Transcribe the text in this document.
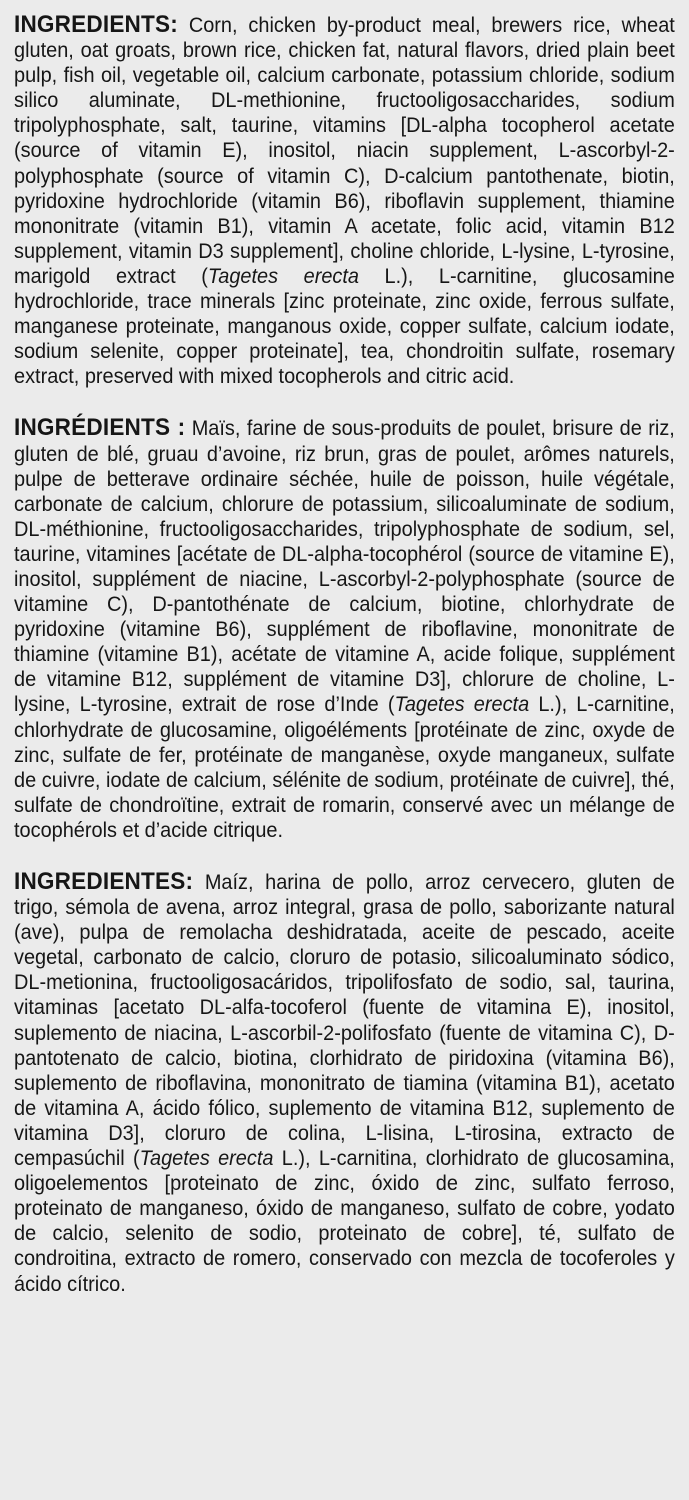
INGREDIENTS: Corn, chicken by-product meal, brewers rice, wheat gluten, oat groats, brown rice, chicken fat, natural flavors, dried plain beet pulp, fish oil, vegetable oil, calcium carbonate, potassium chloride, sodium silico aluminate, DL-methionine, fructooligosaccharides, sodium tripolyphosphate, salt, taurine, vitamins [DL-alpha tocopherol acetate (source of vitamin E), inositol, niacin supplement, L-ascorbyl-2-polyphosphate (source of vitamin C), D-calcium pantothenate, biotin, pyridoxine hydrochloride (vitamin B6), riboflavin supplement, thiamine mononitrate (vitamin B1), vitamin A acetate, folic acid, vitamin B12 supplement, vitamin D3 supplement], choline chloride, L-lysine, L-tyrosine, marigold extract (Tagetes erecta L.), L-carnitine, glucosamine hydrochloride, trace minerals [zinc proteinate, zinc oxide, ferrous sulfate, manganese proteinate, manganous oxide, copper sulfate, calcium iodate, sodium selenite, copper proteinate], tea, chondroitin sulfate, rosemary extract, preserved with mixed tocopherols and citric acid.

INGRÉDIENTS : Maïs, farine de sous-produits de poulet, brisure de riz, gluten de blé, gruau d’avoine, riz brun, gras de poulet, arômes naturels, pulpe de betterave ordinaire séchée, huile de poisson, huile végétale, carbonate de calcium, chlorure de potassium, silicoaluminate de sodium, DL-méthionine, fructooligosaccharides, tripolyphosphate de sodium, sel, taurine, vitamines [acétate de DL-alpha-tocophérol (source de vitamine E), inositol, supplément de niacine, L-ascorbyl-2-polyphosphate (source de vitamine C), D-pantothénate de calcium, biotine, chlorhydrate de pyridoxine (vitamine B6), supplément de riboflavine, mononitrate de thiamine (vitamine B1), acétate de vitamine A, acide folique, supplément de vitamine B12, supplément de vitamine D3], chlorure de choline, L-lysine, L-tyrosine, extrait de rose d’Inde (Tagetes erecta L.), L-carnitine, chlorhydrate de glucosamine, oligoéléments [protéinate de zinc, oxyde de zinc, sulfate de fer, protéinate de manganèse, oxyde manganeux, sulfate de cuivre, iodate de calcium, sélénite de sodium, protéinate de cuivre], thé, sulfate de chondroïtine, extrait de romarin, conservé avec un mélange de tocophérols et d’acide citrique.

INGREDIENTES: Maíz, harina de pollo, arroz cervecero, gluten de trigo, sémola de avena, arroz integral, grasa de pollo, saborizante natural (ave), pulpa de remolacha deshidratada, aceite de pescado, aceite vegetal, carbonato de calcio, cloruro de potasio, silicoaluminato sódico, DL-metionina, fructooligosacáridos, tripolifosfato de sodio, sal, taurina, vitaminas [acetato DL-alfa-tocoferol (fuente de vitamina E), inositol, suplemento de niacina, L-ascorbil-2-polifosfato (fuente de vitamina C), D-pantotenato de calcio, biotina, clorhidrato de piridoxina (vitamina B6), suplemento de riboflavina, mononitrato de tiamina (vitamina B1), acetato de vitamina A, ácido fólico, suplemento de vitamina B12, suplemento de vitamina D3], cloruro de colina, L-lisina, L-tirosina, extracto de cempasúchil (Tagetes erecta L.), L-carnitina, clorhidrato de glucosamina, oligoelementos [proteinato de zinc, óxido de zinc, sulfato ferroso, proteinato de manganeso, óxido de manganeso, sulfato de cobre, yodato de calcio, selenito de sodio, proteinato de cobre], té, sulfato de condroitina, extracto de romero, conservado con mezcla de tocoferoles y ácido cítrico.
